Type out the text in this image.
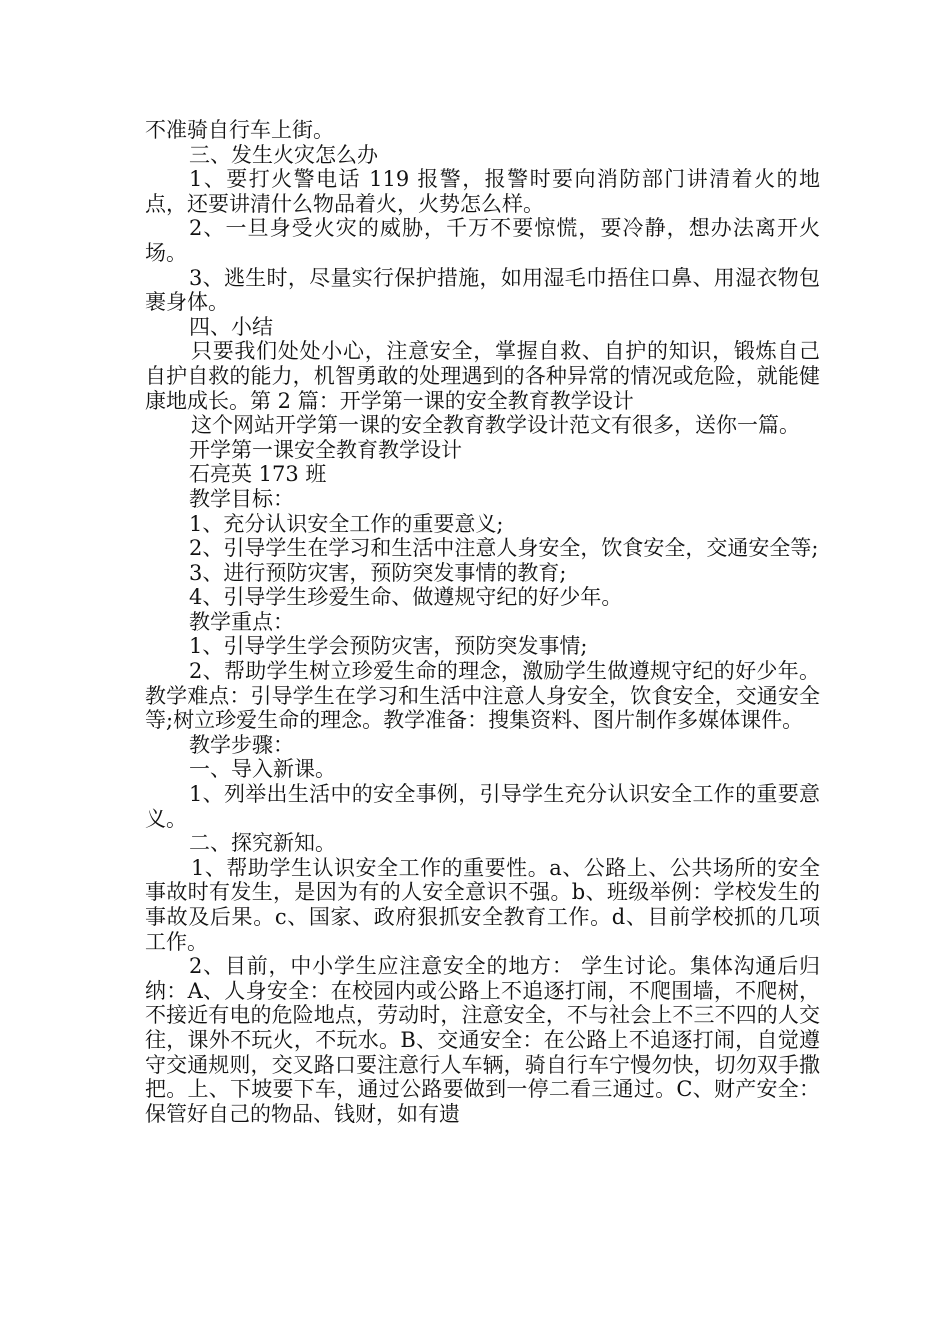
不准骑自行车上街。

三、发生火灾怎么办

1、要打火警电话 119 报警，报警时要向消防部门讲清着火的地点，还要讲清什么物品着火，火势怎么样。

2、一旦身受火灾的威胁，千万不要惊慌，要冷静，想办法离开火场。

3、逃生时，尽量实行保护措施，如用湿毛巾捂住口鼻、用湿衣物包裹身体。

四、小结

只要我们处处小心，注意安全，掌握自救、自护的知识，锻炼自己自护自救的能力，机智勇敢的处理遇到的各种异常的情况或危险，就能健康地成长。第 2 篇：开学第一课的安全教育教学设计

这个网站开学第一课的安全教育教学设计范文有很多，送你一篇。

开学第一课安全教育教学设计

石亮英 173 班

教学目标：

1、充分认识安全工作的重要意义;

2、引导学生在学习和生活中注意人身安全，饮食安全，交通安全等;

3、进行预防灾害，预防突发事情的教育;

4、引导学生珍爱生命、做遵规守纪的好少年。

教学重点：

1、引导学生学会预防灾害，预防突发事情;

2、帮助学生树立珍爱生命的理念，激励学生做遵规守纪的好少年。教学难点：引导学生在学习和生活中注意人身安全，饮食安全，交通安全等;树立珍爱生命的理念。教学准备：搜集资料、图片制作多媒体课件。

教学步骤：

一、导入新课。

1、列举出生活中的安全事例，引导学生充分认识安全工作的重要意义。

二、探究新知。

1、帮助学生认识安全工作的重要性。a、公路上、公共场所的安全事故时有发生，是因为有的人安全意识不强。b、班级举例：学校发生的事故及后果。c、国家、政府狠抓安全教育工作。d、目前学校抓的几项工作。

2、目前，中小学生应注意安全的地方： 学生讨论。集体沟通后归纳：A、人身安全：在校园内或公路上不追逐打闹，不爬围墙，不爬树，不接近有电的危险地点，劳动时，注意安全，不与社会上不三不四的人交往，课外不玩火，不玩水。B、交通安全：在公路上不追逐打闹，自觉遵守交通规则，交叉路口要注意行人车辆，骑自行车宁慢勿快，切勿双手撒把。上、下坡要下车，通过公路要做到一停二看三通过。C、财产安全：保管好自己的物品、钱财，如有遗
